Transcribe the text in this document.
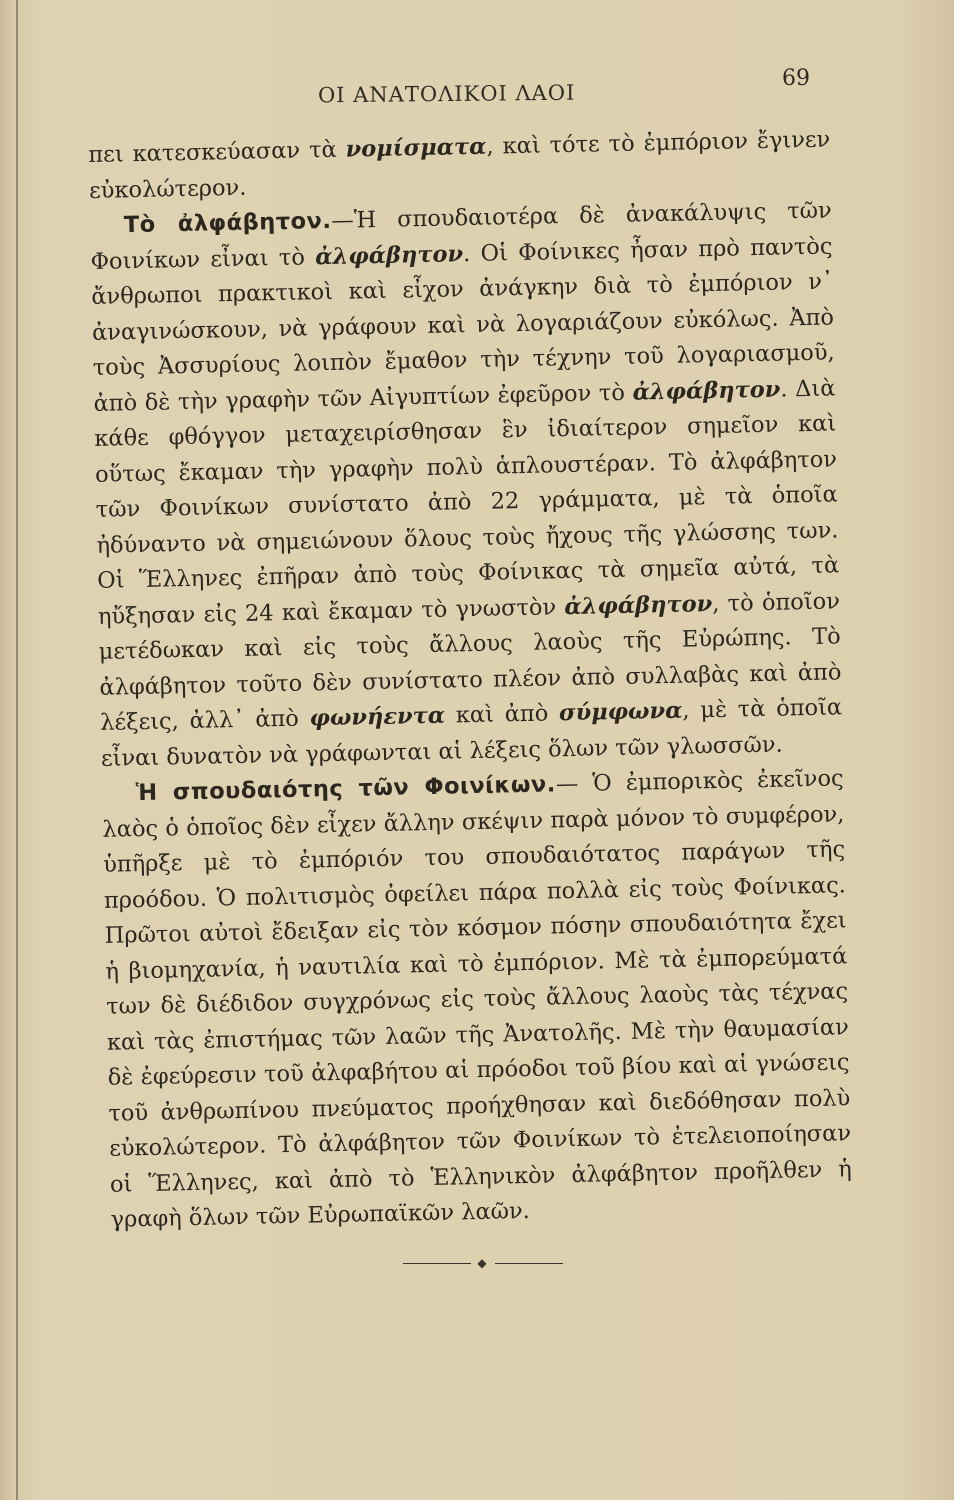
ΟΙ ΑΝΑΤΟΛΙΚΟΙ ΛΑΟΙ
69

πει κατεσκεύασαν τὰ νομίσματα, καὶ τότε τὸ ἐμπόριον ἔγινεν εὐκολώτερον.

Τὸ ἀλφάβητον.—Ἡ σπουδαιοτέρα δὲ ἀνακάλυψις τῶν Φοινίκων εἶναι τὸ ἀλφάβητον. Οἱ Φοίνικες ἦσαν πρὸ παντὸς ἄνθρωποι πρακτικοὶ καὶ εἶχον ἀνάγκην διὰ τὸ ἐμπόριον ν᾿ ἀναγινώσκουν, νὰ γράφουν καὶ νὰ λογαριάζουν εὐκόλως. Ἀπὸ τοὺς Ἀσσυρίους λοιπὸν ἔμαθον τὴν τέχνην τοῦ λογαριασμοῦ, ἀπὸ δὲ τὴν γραφὴν τῶν Αἰγυπτίων ἐφεῦρον τὸ ἀλφάβητον. Διὰ κάθε φθόγγον μεταχειρίσθησαν ἓν ἰδιαίτερον σημεῖον καὶ οὕτως ἔκαμαν τὴν γραφὴν πολὺ ἁπλουστέραν. Τὸ ἀλφάβητον τῶν Φοινίκων συνίστατο ἀπὸ 22 γράμματα, μὲ τὰ ὁποῖα ἠδύναντο νὰ σημειώνουν ὅλους τοὺς ἤχους τῆς γλώσσης των. Οἱ Ἕλληνες ἐπῆραν ἀπὸ τοὺς Φοίνικας τὰ σημεῖα αὐτά, τὰ ηὔξησαν εἰς 24 καὶ ἔκαμαν τὸ γνωστὸν ἀλφάβητον, τὸ ὁποῖον μετέδωκαν καὶ εἰς τοὺς ἄλλους λαοὺς τῆς Εὐρώπης. Τὸ ἀλφάβητον τοῦτο δὲν συνίστατο πλέον ἀπὸ συλλαβὰς καὶ ἀπὸ λέξεις, ἀλλ᾿ ἀπὸ φωνήεντα καὶ ἀπὸ σύμφωνα, μὲ τὰ ὁποῖα εἶναι δυνατὸν νὰ γράφωνται αἱ λέξεις ὅλων τῶν γλωσσῶν.

Ἡ σπουδαιότης τῶν Φοινίκων.— Ὁ ἐμπορικὸς ἐκεῖνος λαὸς ὁ ὁποῖος δὲν εἶχεν ἄλλην σκέψιν παρὰ μόνον τὸ συμφέρον, ὑπῆρξε μὲ τὸ ἐμπόριόν του σπουδαιότατος παράγων τῆς προόδου. Ὁ πολιτισμὸς ὀφείλει πάρα πολλὰ εἰς τοὺς Φοίνικας. Πρῶτοι αὐτοὶ ἔδειξαν εἰς τὸν κόσμον πόσην σπουδαιότητα ἔχει ἡ βιομηχανία, ἡ ναυτιλία καὶ τὸ ἐμπόριον. Μὲ τὰ ἐμπορεύματά των δὲ διέδιδον συγχρόνως εἰς τοὺς ἄλλους λαοὺς τὰς τέχνας καὶ τὰς ἐπιστήμας τῶν λαῶν τῆς Ἀνατολῆς. Μὲ τὴν θαυμασίαν δὲ ἐφεύρεσιν τοῦ ἀλφαβήτου αἱ πρόοδοι τοῦ βίου καὶ αἱ γνώσεις τοῦ ἀνθρωπίνου πνεύματος προήχθησαν καὶ διεδόθησαν πολὺ εὐκολώτερον. Τὸ ἀλφάβητον τῶν Φοινίκων τὸ ἐτελειοποίησαν οἱ Ἕλληνες, καὶ ἀπὸ τὸ Ἑλληνικὸν ἀλφάβητον προῆλθεν ἡ γραφὴ ὅλων τῶν Εὐρωπαϊκῶν λαῶν.

◆
